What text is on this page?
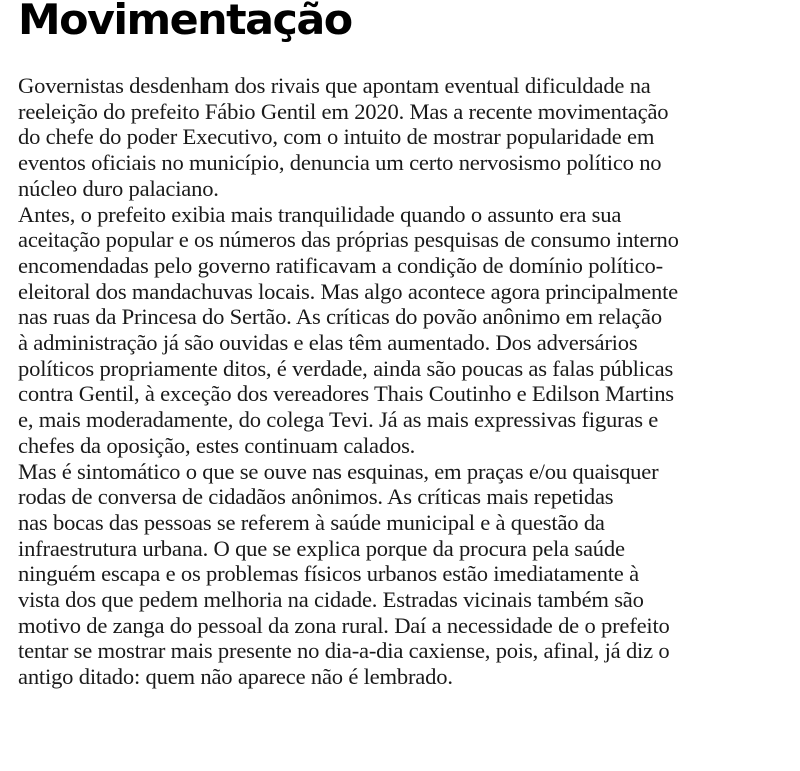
Movimentação
Governistas desdenham dos rivais que apontam eventual dificuldade na
reeleição do prefeito Fábio Gentil em 2020. Mas a recente movimentação
do chefe do poder Executivo, com o intuito de mostrar popularidade em
eventos oficiais no município, denuncia um certo nervosismo político no
núcleo duro palaciano.
Antes, o prefeito exibia mais tranquilidade quando o assunto era sua
aceitação popular e os números das próprias pesquisas de consumo interno
encomendadas pelo governo ratificavam a condição de domínio político-
eleitoral dos mandachuvas locais. Mas algo acontece agora principalmente
nas ruas da Princesa do Sertão. As críticas do povão anônimo em relação
à administração já são ouvidas e elas têm aumentado. Dos adversários
políticos propriamente ditos, é verdade, ainda são poucas as falas públicas
contra Gentil, à exceção dos vereadores Thais Coutinho e Edilson Martins
e, mais moderadamente, do colega Tevi. Já as mais expressivas figuras e
chefes da oposição, estes continuam calados.
Mas é sintomático o que se ouve nas esquinas, em praças e/ou quaisquer
rodas de conversa de cidadãos anônimos. As críticas mais repetidas
nas bocas das pessoas se referem à saúde municipal e à questão da
infraestrutura urbana. O que se explica porque da procura pela saúde
ninguém escapa e os problemas físicos urbanos estão imediatamente à
vista dos que pedem melhoria na cidade. Estradas vicinais também são
motivo de zanga do pessoal da zona rural. Daí a necessidade de o prefeito
tentar se mostrar mais presente no dia-a-dia caxiense, pois, afinal, já diz o
antigo ditado: quem não aparece não é lembrado.
